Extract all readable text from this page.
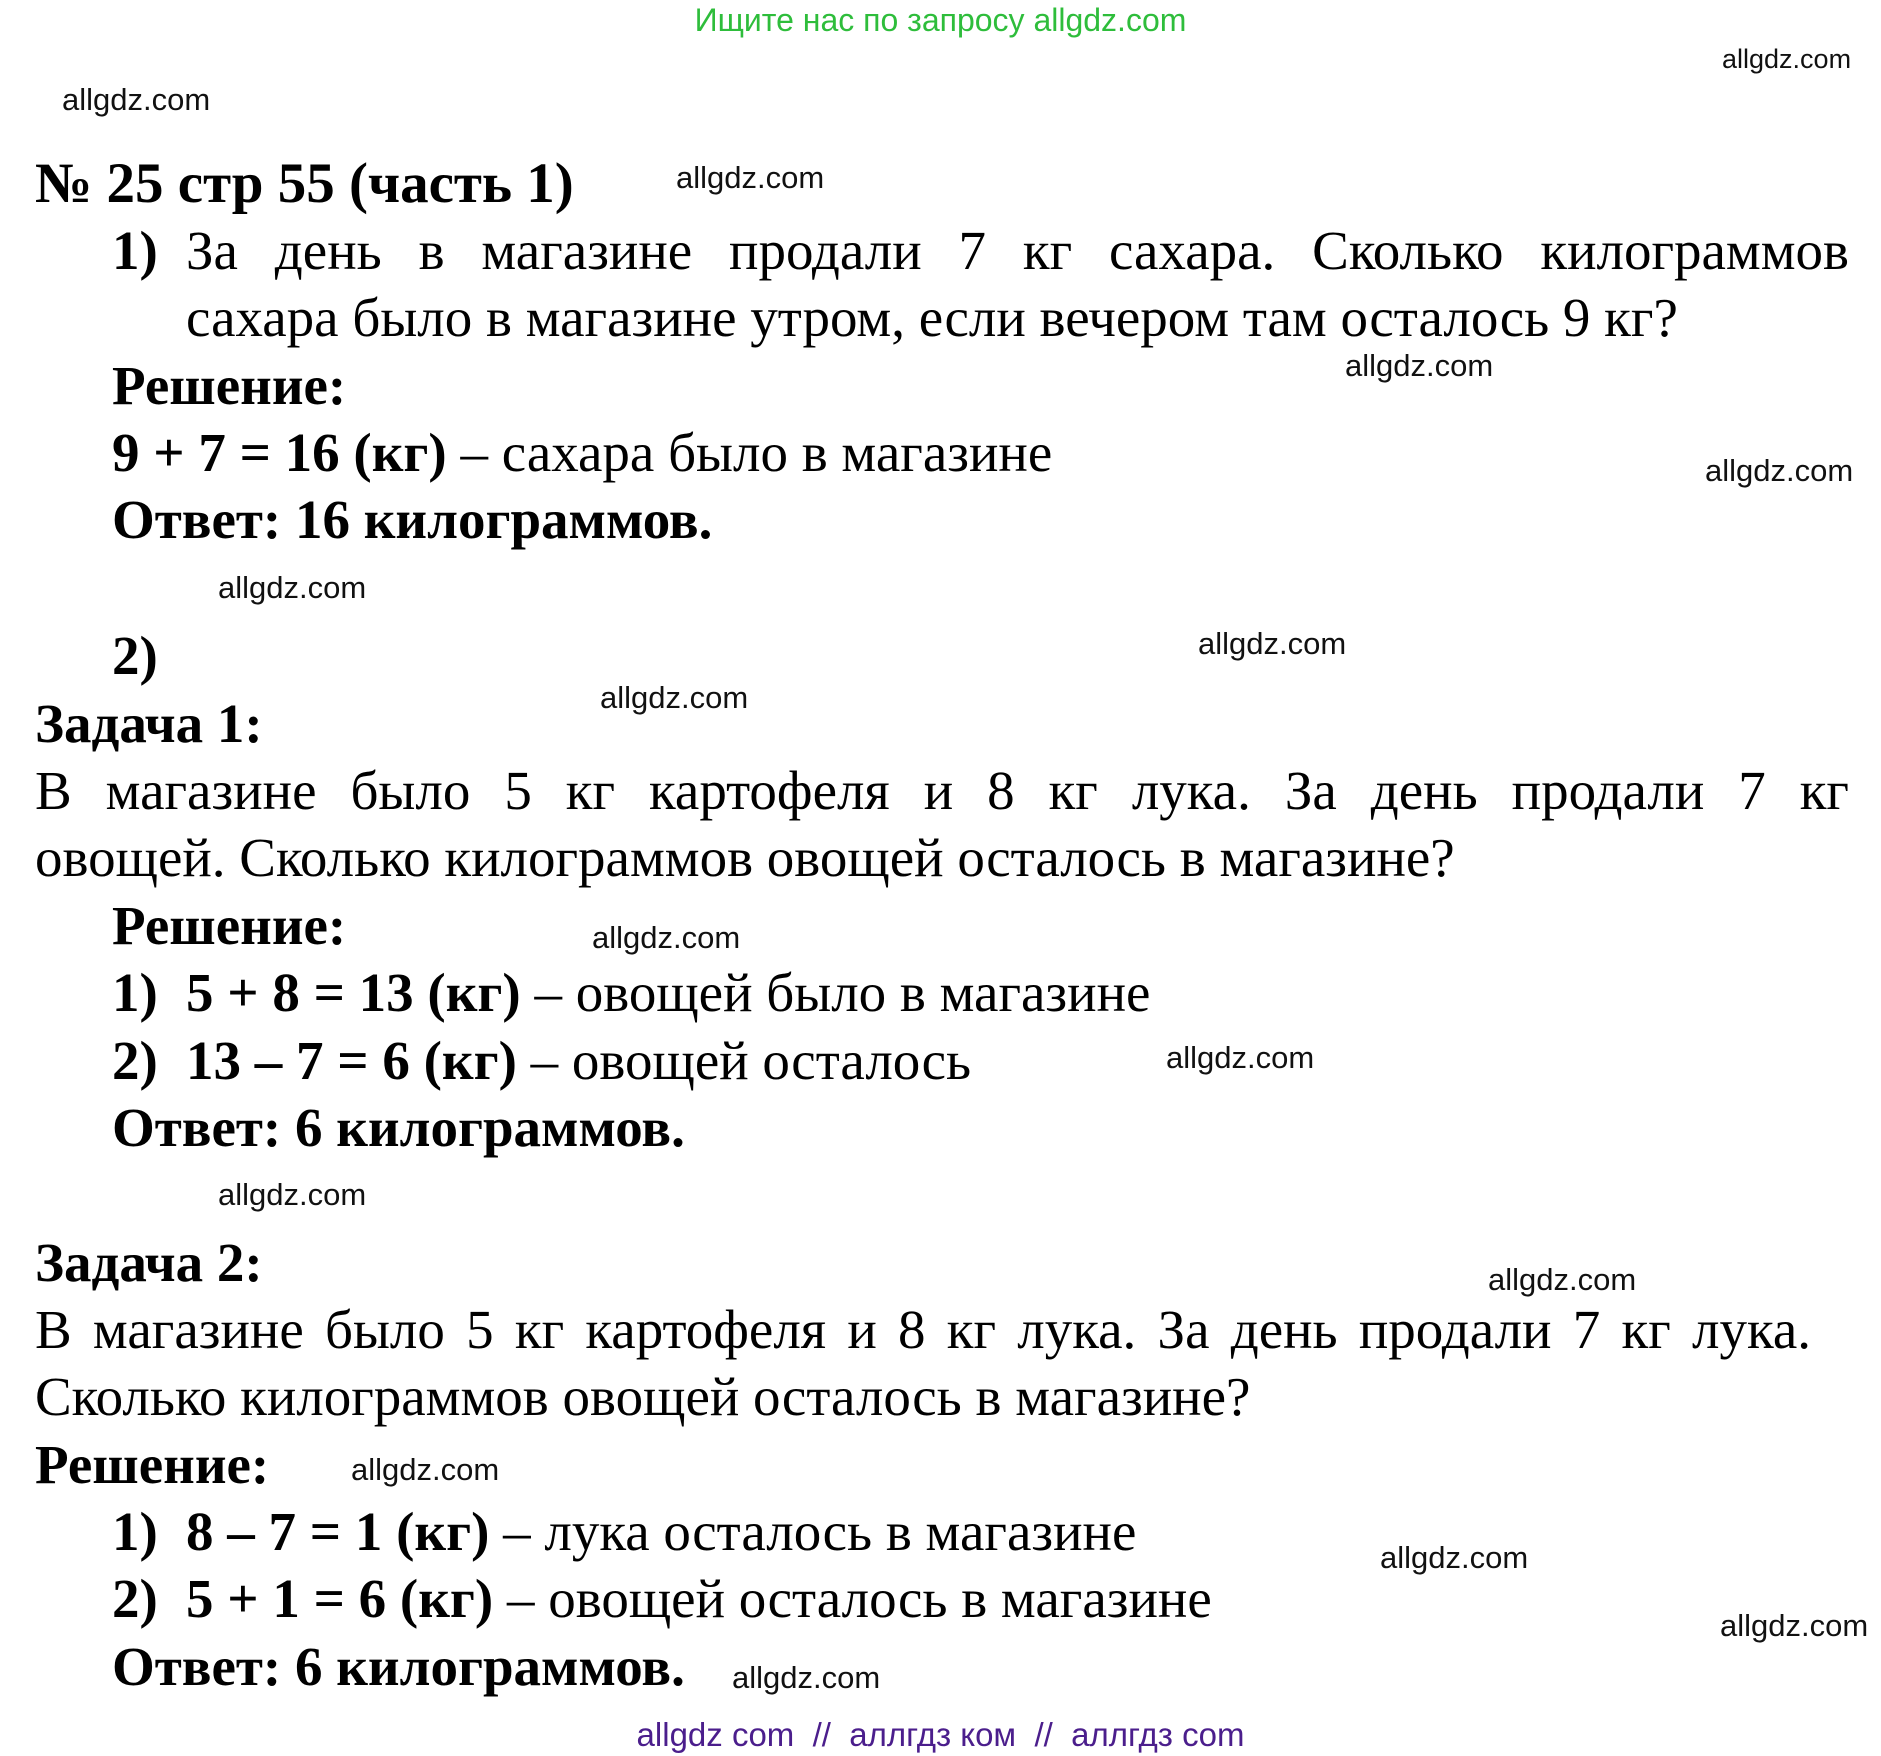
Ищите нас по запросу allgdz.com
allgdz.com
allgdz.com
allgdz.com
allgdz.com
allgdz.com
allgdz.com
allgdz.com
allgdz.com
allgdz.com
allgdz.com
allgdz.com
allgdz.com
allgdz.com
allgdz.com
allgdz.com
allgdz.com
№ 25 стр 55 (часть 1)
1) За день в магазине продали 7 кг сахара. Сколько килограммов
сахара было в магазине утром, если вечером там осталось 9 кг?
Решение:
9 + 7 = 16 (кг) – сахара было в магазине
Ответ: 16 килограммов.
2)
Задача 1:
В магазине было 5 кг картофеля и 8 кг лука. За день продали 7 кг
овощей. Сколько килограммов овощей осталось в магазине?
Решение:
1) 5 + 8 = 13 (кг) – овощей было в магазине
2) 13 – 7 = 6 (кг) – овощей осталось
Ответ: 6 килограммов.
Задача 2:
В магазине было 5 кг картофеля и 8 кг лука. За день продали 7 кг лука.
Сколько килограммов овощей осталось в магазине?
Решение:
1) 8 – 7 = 1 (кг) – лука осталось в магазине
2) 5 + 1 = 6 (кг) – овощей осталось в магазине
Ответ: 6 килограммов.
allgdz com  //  аллгдз ком  //  аллгдз com
